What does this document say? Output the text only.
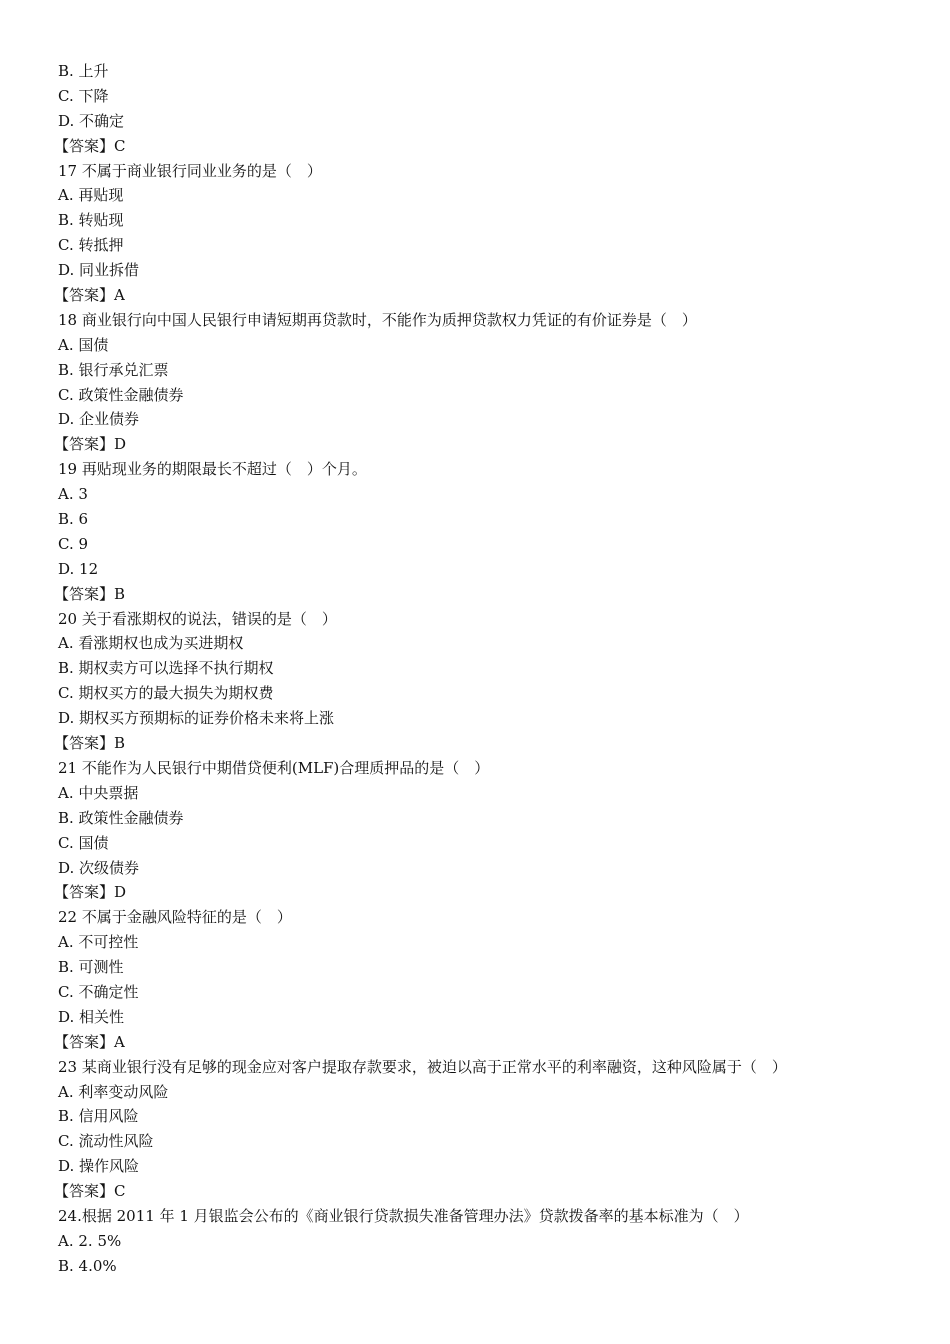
B. 上升
C. 下降
D. 不确定
【答案】C
17 不属于商业银行同业业务的是（　）
A. 再贴现
B. 转贴现
C. 转抵押
D. 同业拆借
【答案】A
18 商业银行向中国人民银行申请短期再贷款时，不能作为质押贷款权力凭证的有价证券是（　）
A. 国债
B. 银行承兑汇票
C. 政策性金融债券
D. 企业债券
【答案】D
19 再贴现业务的期限最长不超过（　）个月。
A. 3
B. 6
C. 9
D. 12
【答案】B
20 关于看涨期权的说法，错误的是（　）
A. 看涨期权也成为买进期权
B. 期权卖方可以选择不执行期权
C. 期权买方的最大损失为期权费
D. 期权买方预期标的证券价格未来将上涨
【答案】B
21 不能作为人民银行中期借贷便利(MLF)合理质押品的是（　）
A. 中央票据
B. 政策性金融债券
C. 国债
D. 次级债券
【答案】D
22 不属于金融风险特征的是（　）
A. 不可控性
B. 可测性
C. 不确定性
D. 相关性
【答案】A
23 某商业银行没有足够的现金应对客户提取存款要求，被迫以高于正常水平的利率融资，这种风险属于（　）
A. 利率变动风险
B. 信用风险
C. 流动性风险
D. 操作风险
【答案】C
24.根据 2011 年 1 月银监会公布的《商业银行贷款损失准备管理办法》贷款拨备率的基本标准为（　）
A. 2. 5%
B. 4.0%
